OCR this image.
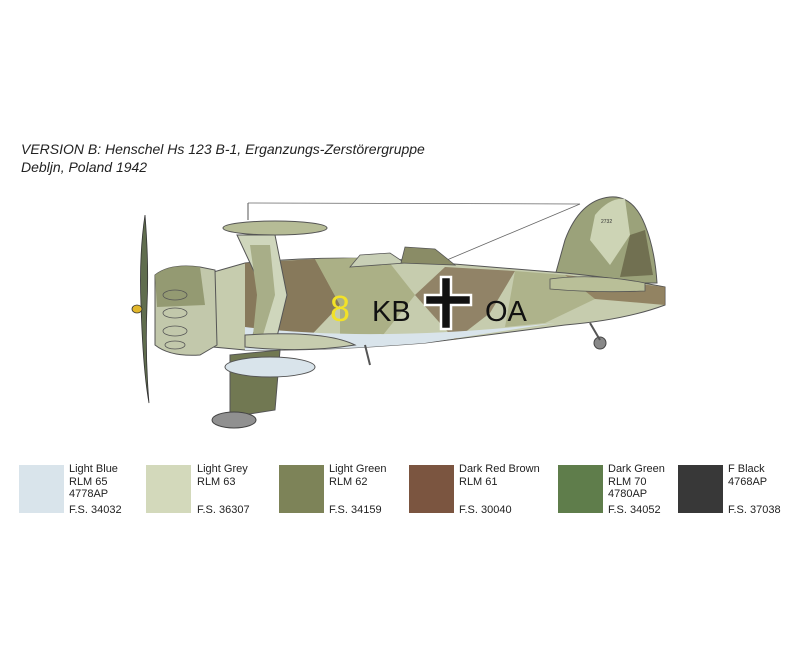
VERSION B: Henschel Hs 123 B-1, Erganzungs-Zerstörergruppe
Deblјn, Poland 1942
2732
8 KB	OA
Light Blue
RLM 65
4778AP
F.S. 34032
Light Grey
RLM 63
F.S. 36307
Light Green
RLM 62
F.S. 34159
Dark Red Brown
RLM 61
F.S. 30040
Dark Green
RLM 70
4780AP
F.S. 34052
F Black
4768AP
F.S. 37038
